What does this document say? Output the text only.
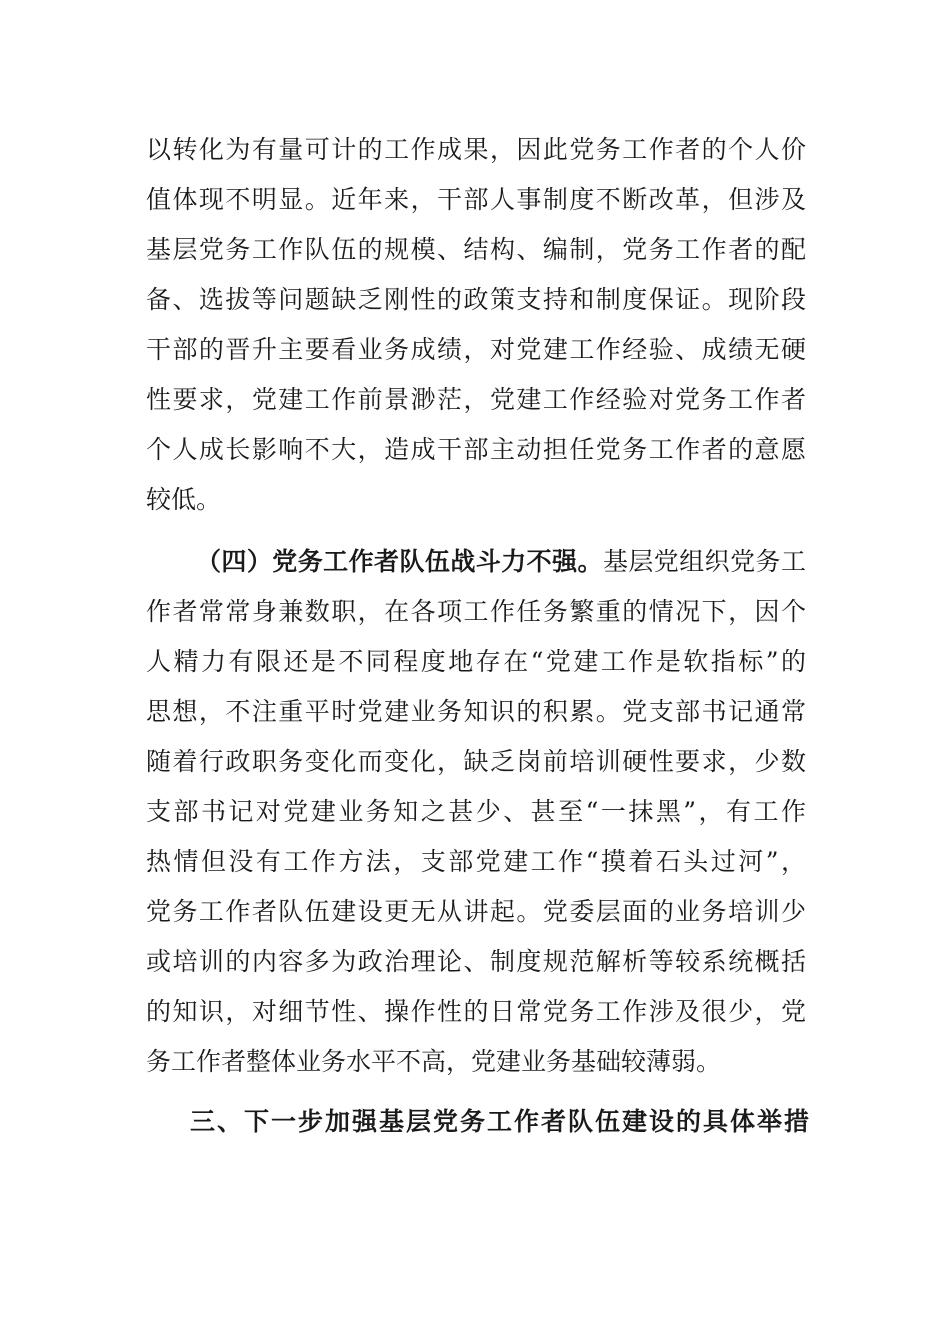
以转化为有量可计的工作成果，因此党务工作者的个人价
值体现不明显。近年来，干部人事制度不断改革，但涉及
基层党务工作队伍的规模、结构、编制，党务工作者的配
备、选拔等问题缺乏刚性的政策支持和制度保证。现阶段
干部的晋升主要看业务成绩，对党建工作经验、成绩无硬
性要求，党建工作前景渺茫，党建工作经验对党务工作者
个人成长影响不大，造成干部主动担任党务工作者的意愿
较低。
（四）党务工作者队伍战斗力不强。基层党组织党务工
作者常常身兼数职，在各项工作任务繁重的情况下，因个
人精力有限还是不同程度地存在“党建工作是软指标”的
思想，不注重平时党建业务知识的积累。党支部书记通常
随着行政职务变化而变化，缺乏岗前培训硬性要求，少数
支部书记对党建业务知之甚少、甚至“一抹黑”，有工作
热情但没有工作方法，支部党建工作“摸着石头过河”，
党务工作者队伍建设更无从讲起。党委层面的业务培训少
或培训的内容多为政治理论、制度规范解析等较系统概括
的知识，对细节性、操作性的日常党务工作涉及很少，党
务工作者整体业务水平不高，党建业务基础较薄弱。
三、下一步加强基层党务工作者队伍建设的具体举措
